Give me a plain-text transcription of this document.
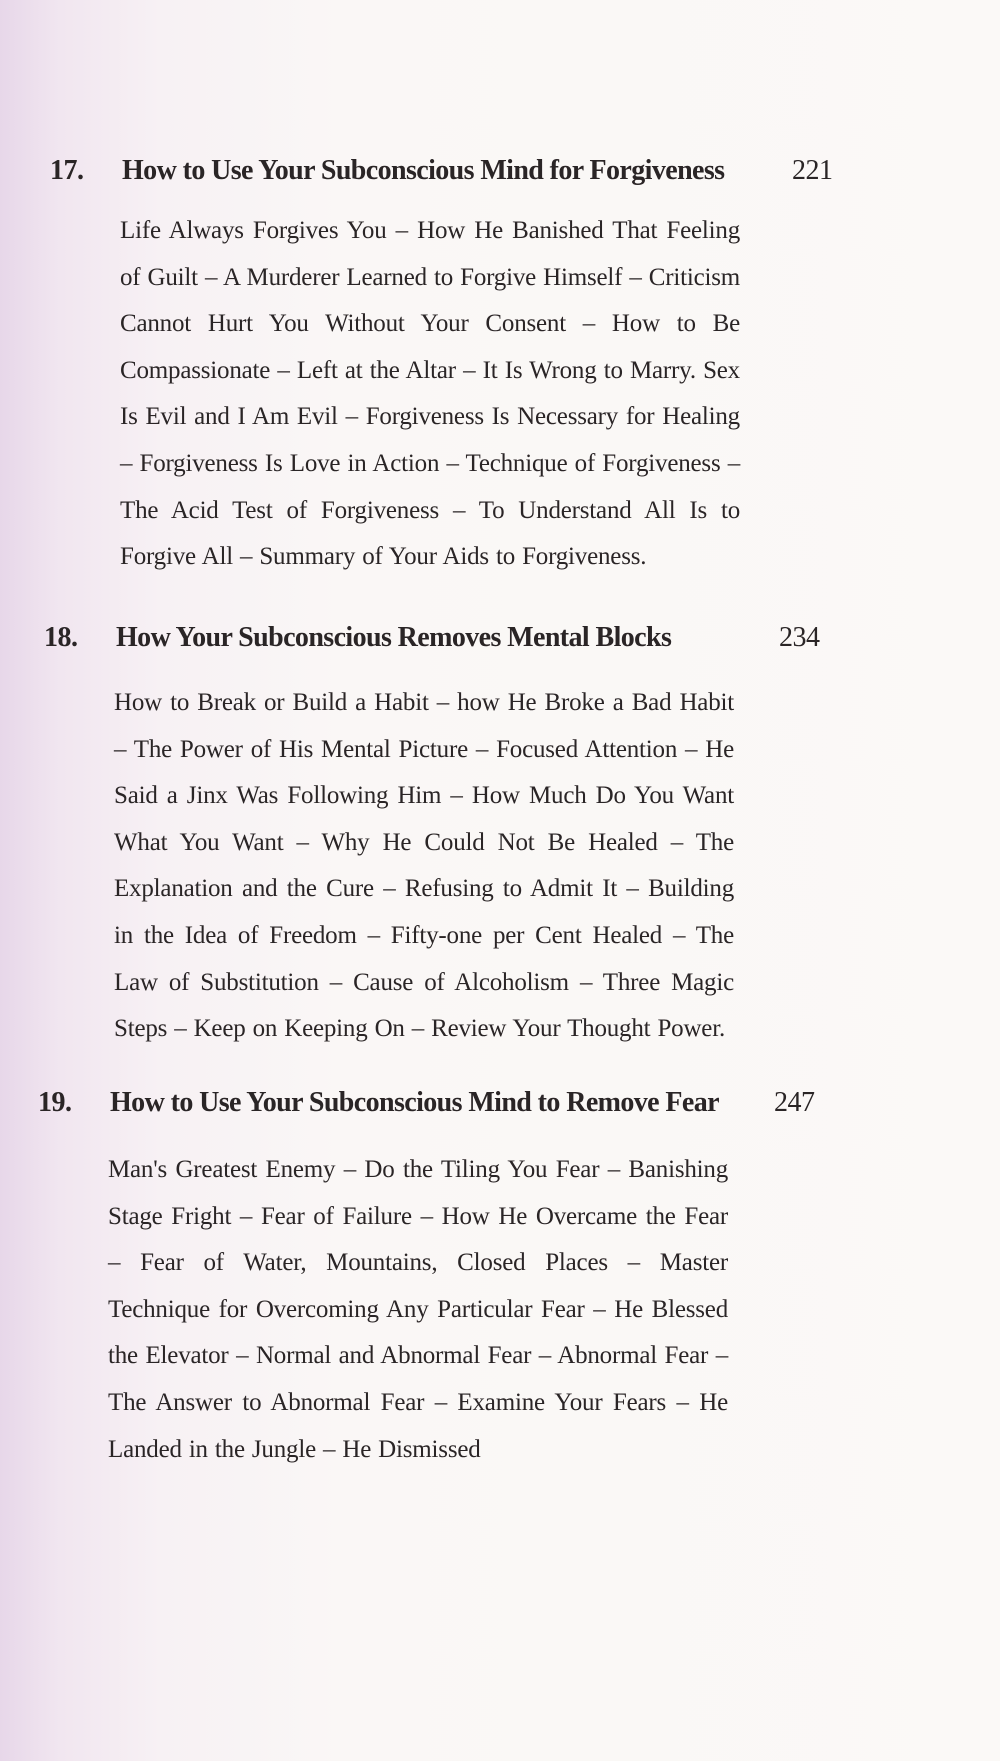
17. How to Use Your Subconscious Mind for Forgiveness 221

Life Always Forgives You – How He Banished That Feeling of Guilt – A Murderer Learned to Forgive Himself – Criticism Cannot Hurt You Without Your Consent – How to Be Compassionate – Left at the Altar – It Is Wrong to Marry. Sex Is Evil and I Am Evil – Forgiveness Is Necessary for Healing – Forgiveness Is Love in Action – Technique of Forgiveness – The Acid Test of Forgiveness – To Understand All Is to Forgive All – Summary of Your Aids to Forgiveness.

18. How Your Subconscious Removes Mental Blocks	234

How to Break or Build a Habit – how He Broke a Bad Habit – The Power of His Mental Picture – Focused Attention – He Said a Jinx Was Following Him – How Much Do You Want What You Want – Why He Could Not Be Healed – The Explanation and the Cure – Refusing to Admit It – Building in the Idea of Freedom – Fifty-one per Cent Healed – The Law of Substitution – Cause of Alcoholism – Three Magic Steps – Keep on Keeping On – Review Your Thought Power.

19. How to Use Your Subconscious Mind to Remove Fear 247

Man's Greatest Enemy – Do the Tiling You Fear – Banishing Stage Fright – Fear of Failure – How He Overcame the Fear – Fear of Water, Mountains, Closed Places – Master Technique for Overcoming Any Particular Fear – He Blessed the Elevator – Normal and Abnormal Fear – Abnormal Fear – The Answer to Abnormal Fear – Examine Your Fears – He Landed in the Jungle – He Dismissed
